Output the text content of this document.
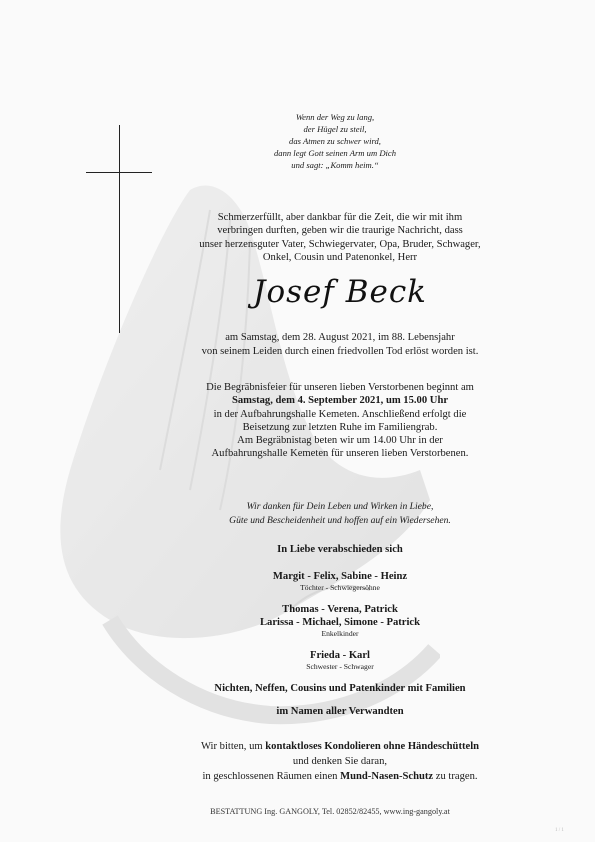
Wenn der Weg zu lang,
der Hügel zu steil,
das Atmen zu schwer wird,
dann legt Gott seinen Arm um Dich
und sagt: „Komm heim.“
Schmerzerfüllt, aber dankbar für die Zeit, die wir mit ihm
verbringen durften, geben wir die traurige Nachricht, dass
unser herzensguter Vater, Schwiegervater, Opa, Bruder, Schwager,
Onkel, Cousin und Patenonkel, Herr
Josef Beck
am Samstag, dem 28. August 2021, im 88. Lebensjahr
von seinem Leiden durch einen friedvollen Tod erlöst worden ist.
Die Begräbnisfeier für unseren lieben Verstorbenen beginnt am
Samstag, dem 4. September 2021, um 15.00 Uhr
in der Aufbahrungshalle Kemeten. Anschließend erfolgt die
Beisetzung zur letzten Ruhe im Familiengrab.
Am Begräbnistag beten wir um 14.00 Uhr in der
Aufbahrungshalle Kemeten für unseren lieben Verstorbenen.
Wir danken für Dein Leben und Wirken in Liebe,
Güte und Bescheidenheit und hoffen auf ein Wiedersehen.
In Liebe verabschieden sich
Margit - Felix, Sabine - Heinz
Töchter - Schwiegersöhne
Thomas - Verena, Patrick
Larissa - Michael, Simone - Patrick
Enkelkinder
Frieda - Karl
Schwester - Schwager
Nichten, Neffen, Cousins und Patenkinder mit Familien
im Namen aller Verwandten
Wir bitten, um kontaktloses Kondolieren ohne Händeschütteln
und denken Sie daran,
in geschlossenen Räumen einen Mund-Nasen-Schutz zu tragen.
BESTATTUNG Ing. GANGOLY, Tel. 02852/82455, www.ing-gangoly.at
1 / 1
